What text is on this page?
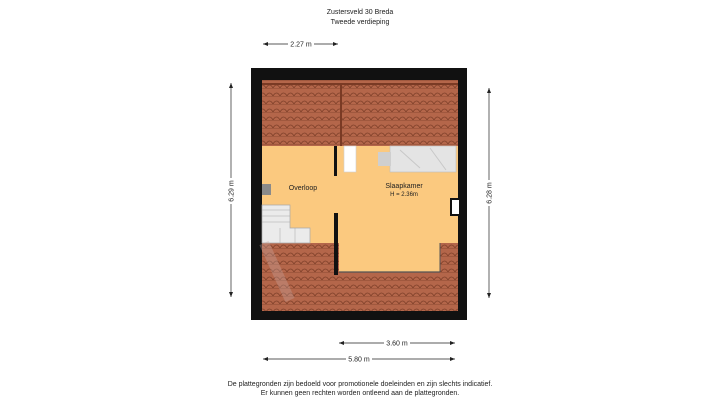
Zustersveld 30 Breda
Tweede verdieping
Overloop	Slaapkamer
H = 2.36m
2.27 m
6.29 m	6.28 m
3.60 m
5.80 m
De plattegronden zijn bedoeld voor promotionele doeleinden en zijn slechts indicatief.
Er kunnen geen rechten worden ontleend aan de plattegronden.
